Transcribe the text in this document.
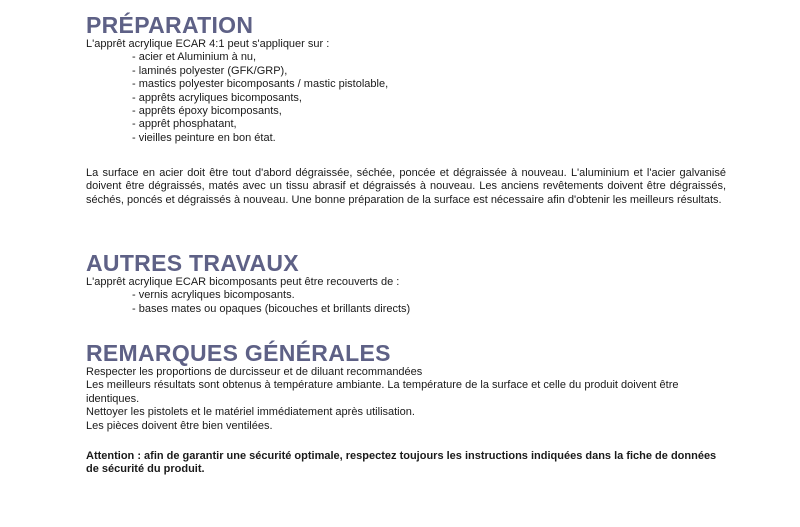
PRÉPARATION

L'apprêt acrylique ECAR 4:1 peut s'appliquer sur :

- acier et Aluminium à nu,
- laminés polyester (GFK/GRP),
- mastics polyester bicomposants / mastic pistolable,
- apprêts acryliques bicomposants,
- apprêts époxy bicomposants,
- apprêt phosphatant,
- vieilles peinture en bon état.

La surface en acier doit être tout d'abord dégraissée, séchée, poncée et dégraissée à nouveau. L'aluminium et l'acier galvanisé doivent être dégraissés, matés avec un tissu abrasif et dégraissés à nouveau. Les anciens revêtements doivent être dégraissés, séchés, poncés et dégraissés à nouveau. Une bonne préparation de la surface est nécessaire afin d'obtenir les meilleurs résultats.

AUTRES TRAVAUX

L'apprêt acrylique ECAR bicomposants peut être recouverts de :

- vernis acryliques bicomposants.
- bases mates ou opaques (bicouches et brillants directs)
REMARQUES GÉNÉRALES

Respecter les proportions de durcisseur et de diluant recommandées

Les meilleurs résultats sont obtenus à température ambiante. La température de la surface et celle du produit doivent être identiques.

Nettoyer les pistolets et le matériel immédiatement après utilisation.

Les pièces doivent être bien ventilées.

Attention : afin de garantir une sécurité optimale, respectez toujours les instructions indiquées dans la fiche de données de sécurité du produit.
